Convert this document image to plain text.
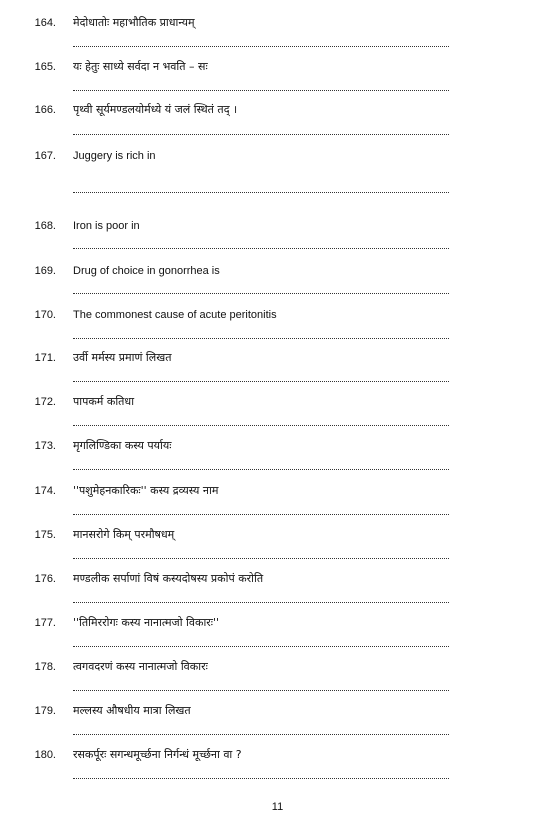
164. मेदोधातोः महाभौतिक प्राधान्यम्
165. यः हेतुः साध्ये सर्वदा न भवति – सः
166. पृथ्वी सूर्यमण्डलयोर्मध्ये यं जलं स्थितं तद् ।
167. Juggery is rich in
168. Iron is poor in
169. Drug of choice in gonorrhea is
170. The commonest cause of acute peritonitis
171. उर्वी मर्मस्य प्रमाणं लिखत
172. पापकर्म कतिधा
173. मृगलिण्डिका कस्य पर्यायः
174. ''पशुमेहनकारिकः'' कस्य द्रव्यस्य नाम
175. मानसरोगे किम् परमौषधम्
176. मण्डलीक सर्पाणां विषं कस्यदोषस्य प्रकोपं करोति
177. ''तिमिररोगः कस्य नानात्मजो विकारः''
178. त्वगवदरणं कस्य नानात्मजो विकारः
179. मल्लस्य औषधीय मात्रा लिखत
180. रसकर्पूरः सगन्धमूर्च्छना निर्गन्धं मूर्च्छना वा ?
11
